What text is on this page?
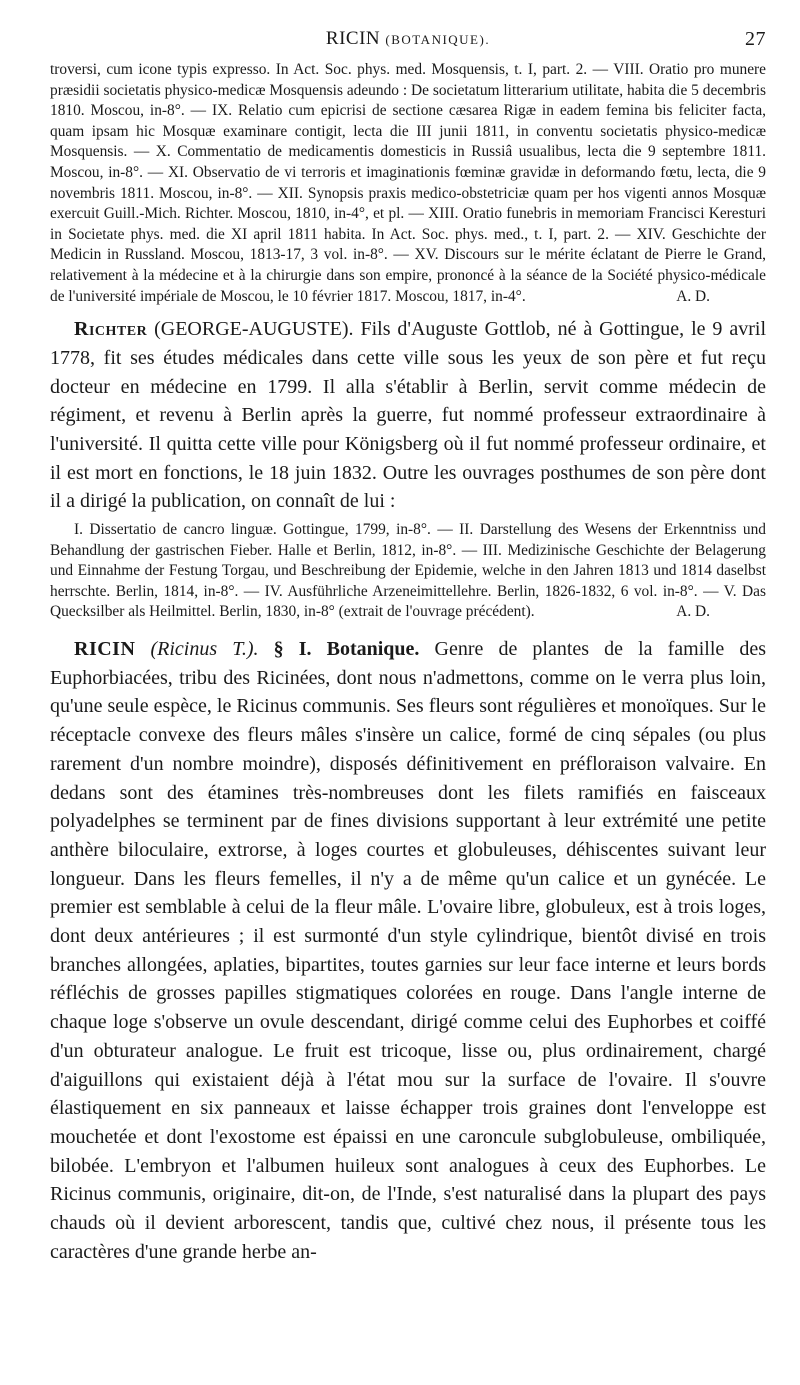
RICIN (BOTANIQUE).	27

troversi, cum icone typis expresso. In Act. Soc. phys. med. Mosquensis, t. I, part. 2. — VIII. Oratio pro munere præsidii societatis physico-medicæ Mosquensis adeundo : De societatum litterarium utilitate, habita die 5 decembris 1810. Moscou, in-8°. — IX. Relatio cum epicrisi de sectione cæsarea Rigæ in eadem femina bis feliciter facta, quam ipsam hic Mosquæ examinare contigit, lecta die III junii 1811, in conventu societatis physico-medicæ Mosquensis. — X. Commentatio de medicamentis domesticis in Russiâ usualibus, lecta die 9 septembre 1811. Moscou, in-8°. — XI. Observatio de vi terroris et imaginationis fœminæ gravidæ in deformando fœtu, lecta, die 9 novembris 1811. Moscou, in-8°. — XII. Synopsis praxis medico-obstetriciæ quam per hos vigenti annos Mosquæ exercuit Guill.-Mich. Richter. Moscou, 1810, in-4°, et pl. — XIII. Oratio funebris in memoriam Francisci Keresturi in Societate phys. med. die XI april 1811 habita. In Act. Soc. phys. med., t. I, part. 2. — XIV. Geschichte der Medicin in Russland. Moscou, 1813-17, 3 vol. in-8°. — XV. Discours sur le mérite éclatant de Pierre le Grand, relativement à la médecine et à la chirurgie dans son empire, prononcé à la séance de la Société physico-médicale de l'université impériale de Moscou, le 10 février 1817. Moscou, 1817, in-4°.	A. D.

Richter (GEORGE-AUGUSTE). Fils d'Auguste Gottlob, né à Gottingue, le 9 avril 1778, fit ses études médicales dans cette ville sous les yeux de son père et fut reçu docteur en médecine en 1799. Il alla s'établir à Berlin, servit comme médecin de régiment, et revenu à Berlin après la guerre, fut nommé professeur extraordinaire à l'université. Il quitta cette ville pour Königsberg où il fut nommé professeur ordinaire, et il est mort en fonctions, le 18 juin 1832. Outre les ouvrages posthumes de son père dont il a dirigé la publication, on connaît de lui :

I. Dissertatio de cancro linguæ. Gottingue, 1799, in-8°. — II. Darstellung des Wesens der Erkenntniss und Behandlung der gastrischen Fieber. Halle et Berlin, 1812, in-8°. — III. Medizinische Geschichte der Belagerung und Einnahme der Festung Torgau, und Beschreibung der Epidemie, welche in den Jahren 1813 und 1814 daselbst herrschte. Berlin, 1814, in-8°. — IV. Ausführliche Arzeneimittellehre. Berlin, 1826-1832, 6 vol. in-8°. — V. Das Quecksilber als Heilmittel. Berlin, 1830, in-8° (extrait de l'ouvrage précédent).	A. D.

RICIN (Ricinus T.). § I. Botanique. Genre de plantes de la famille des Euphorbiacées, tribu des Ricinées, dont nous n'admettons, comme on le verra plus loin, qu'une seule espèce, le Ricinus communis. Ses fleurs sont régulières et monoïques. Sur le réceptacle convexe des fleurs mâles s'insère un calice, formé de cinq sépales (ou plus rarement d'un nombre moindre), disposés définitivement en préfloraison valvaire. En dedans sont des étamines très-nombreuses dont les filets ramifiés en faisceaux polyadelphes se terminent par de fines divisions supportant à leur extrémité une petite anthère biloculaire, extrorse, à loges courtes et globuleuses, déhiscentes suivant leur longueur. Dans les fleurs femelles, il n'y a de même qu'un calice et un gynécée. Le premier est semblable à celui de la fleur mâle. L'ovaire libre, globuleux, est à trois loges, dont deux antérieures ; il est surmonté d'un style cylindrique, bientôt divisé en trois branches allongées, aplaties, bipartites, toutes garnies sur leur face interne et leurs bords réfléchis de grosses papilles stigmatiques colorées en rouge. Dans l'angle interne de chaque loge s'observe un ovule descendant, dirigé comme celui des Euphorbes et coiffé d'un obturateur analogue. Le fruit est tricoque, lisse ou, plus ordinairement, chargé d'aiguillons qui existaient déjà à l'état mou sur la surface de l'ovaire. Il s'ouvre élastiquement en six panneaux et laisse échapper trois graines dont l'enveloppe est mouchetée et dont l'exostome est épaissi en une caroncule subglobuleuse, ombiliquée, bilobée. L'embryon et l'albumen huileux sont analogues à ceux des Euphorbes. Le Ricinus communis, originaire, dit-on, de l'Inde, s'est naturalisé dans la plupart des pays chauds où il devient arborescent, tandis que, cultivé chez nous, il présente tous les caractères d'une grande herbe an-
